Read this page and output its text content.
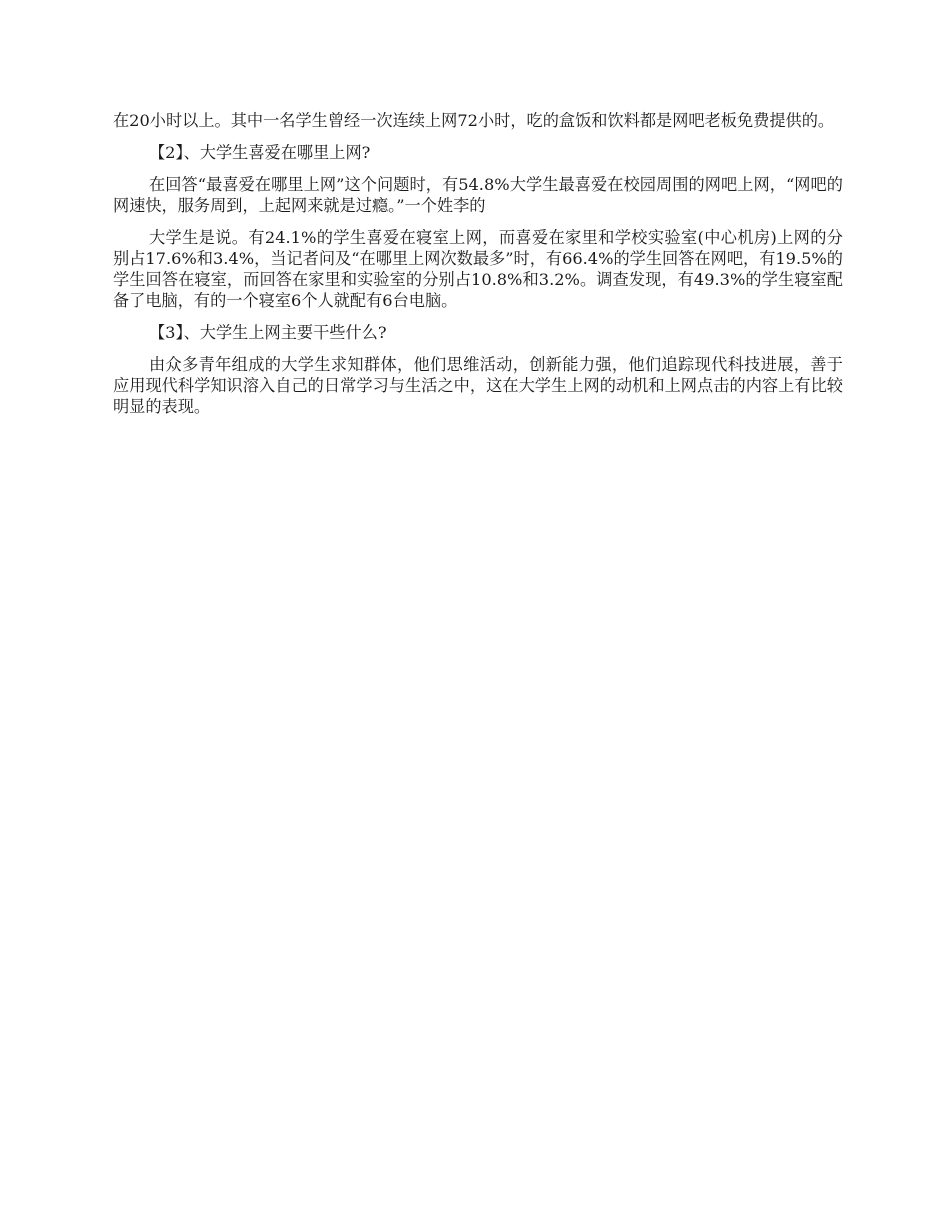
在20小时以上。其中一名学生曾经一次连续上网72小时，吃的盒饭和饮料都是网吧老板免费提供的。

【2】、大学生喜爱在哪里上网?

在回答“最喜爱在哪里上网”这个问题时，有54.8%大学生最喜爱在校园周围的网吧上网，“网吧的网速快，服务周到，上起网来就是过瘾。”一个姓李的

大学生是说。有24.1%的学生喜爱在寝室上网，而喜爱在家里和学校实验室(中心机房)上网的分别占17.6%和3.4%，当记者问及“在哪里上网次数最多”时，有66.4%的学生回答在网吧，有19.5%的学生回答在寝室，而回答在家里和实验室的分别占10.8%和3.2%。调查发现，有49.3%的学生寝室配备了电脑，有的一个寝室6个人就配有6台电脑。

【3】、大学生上网主要干些什么?

由众多青年组成的大学生求知群体，他们思维活动，创新能力强，他们追踪现代科技进展，善于应用现代科学知识溶入自己的日常学习与生活之中，这在大学生上网的动机和上网点击的内容上有比较明显的表现。
